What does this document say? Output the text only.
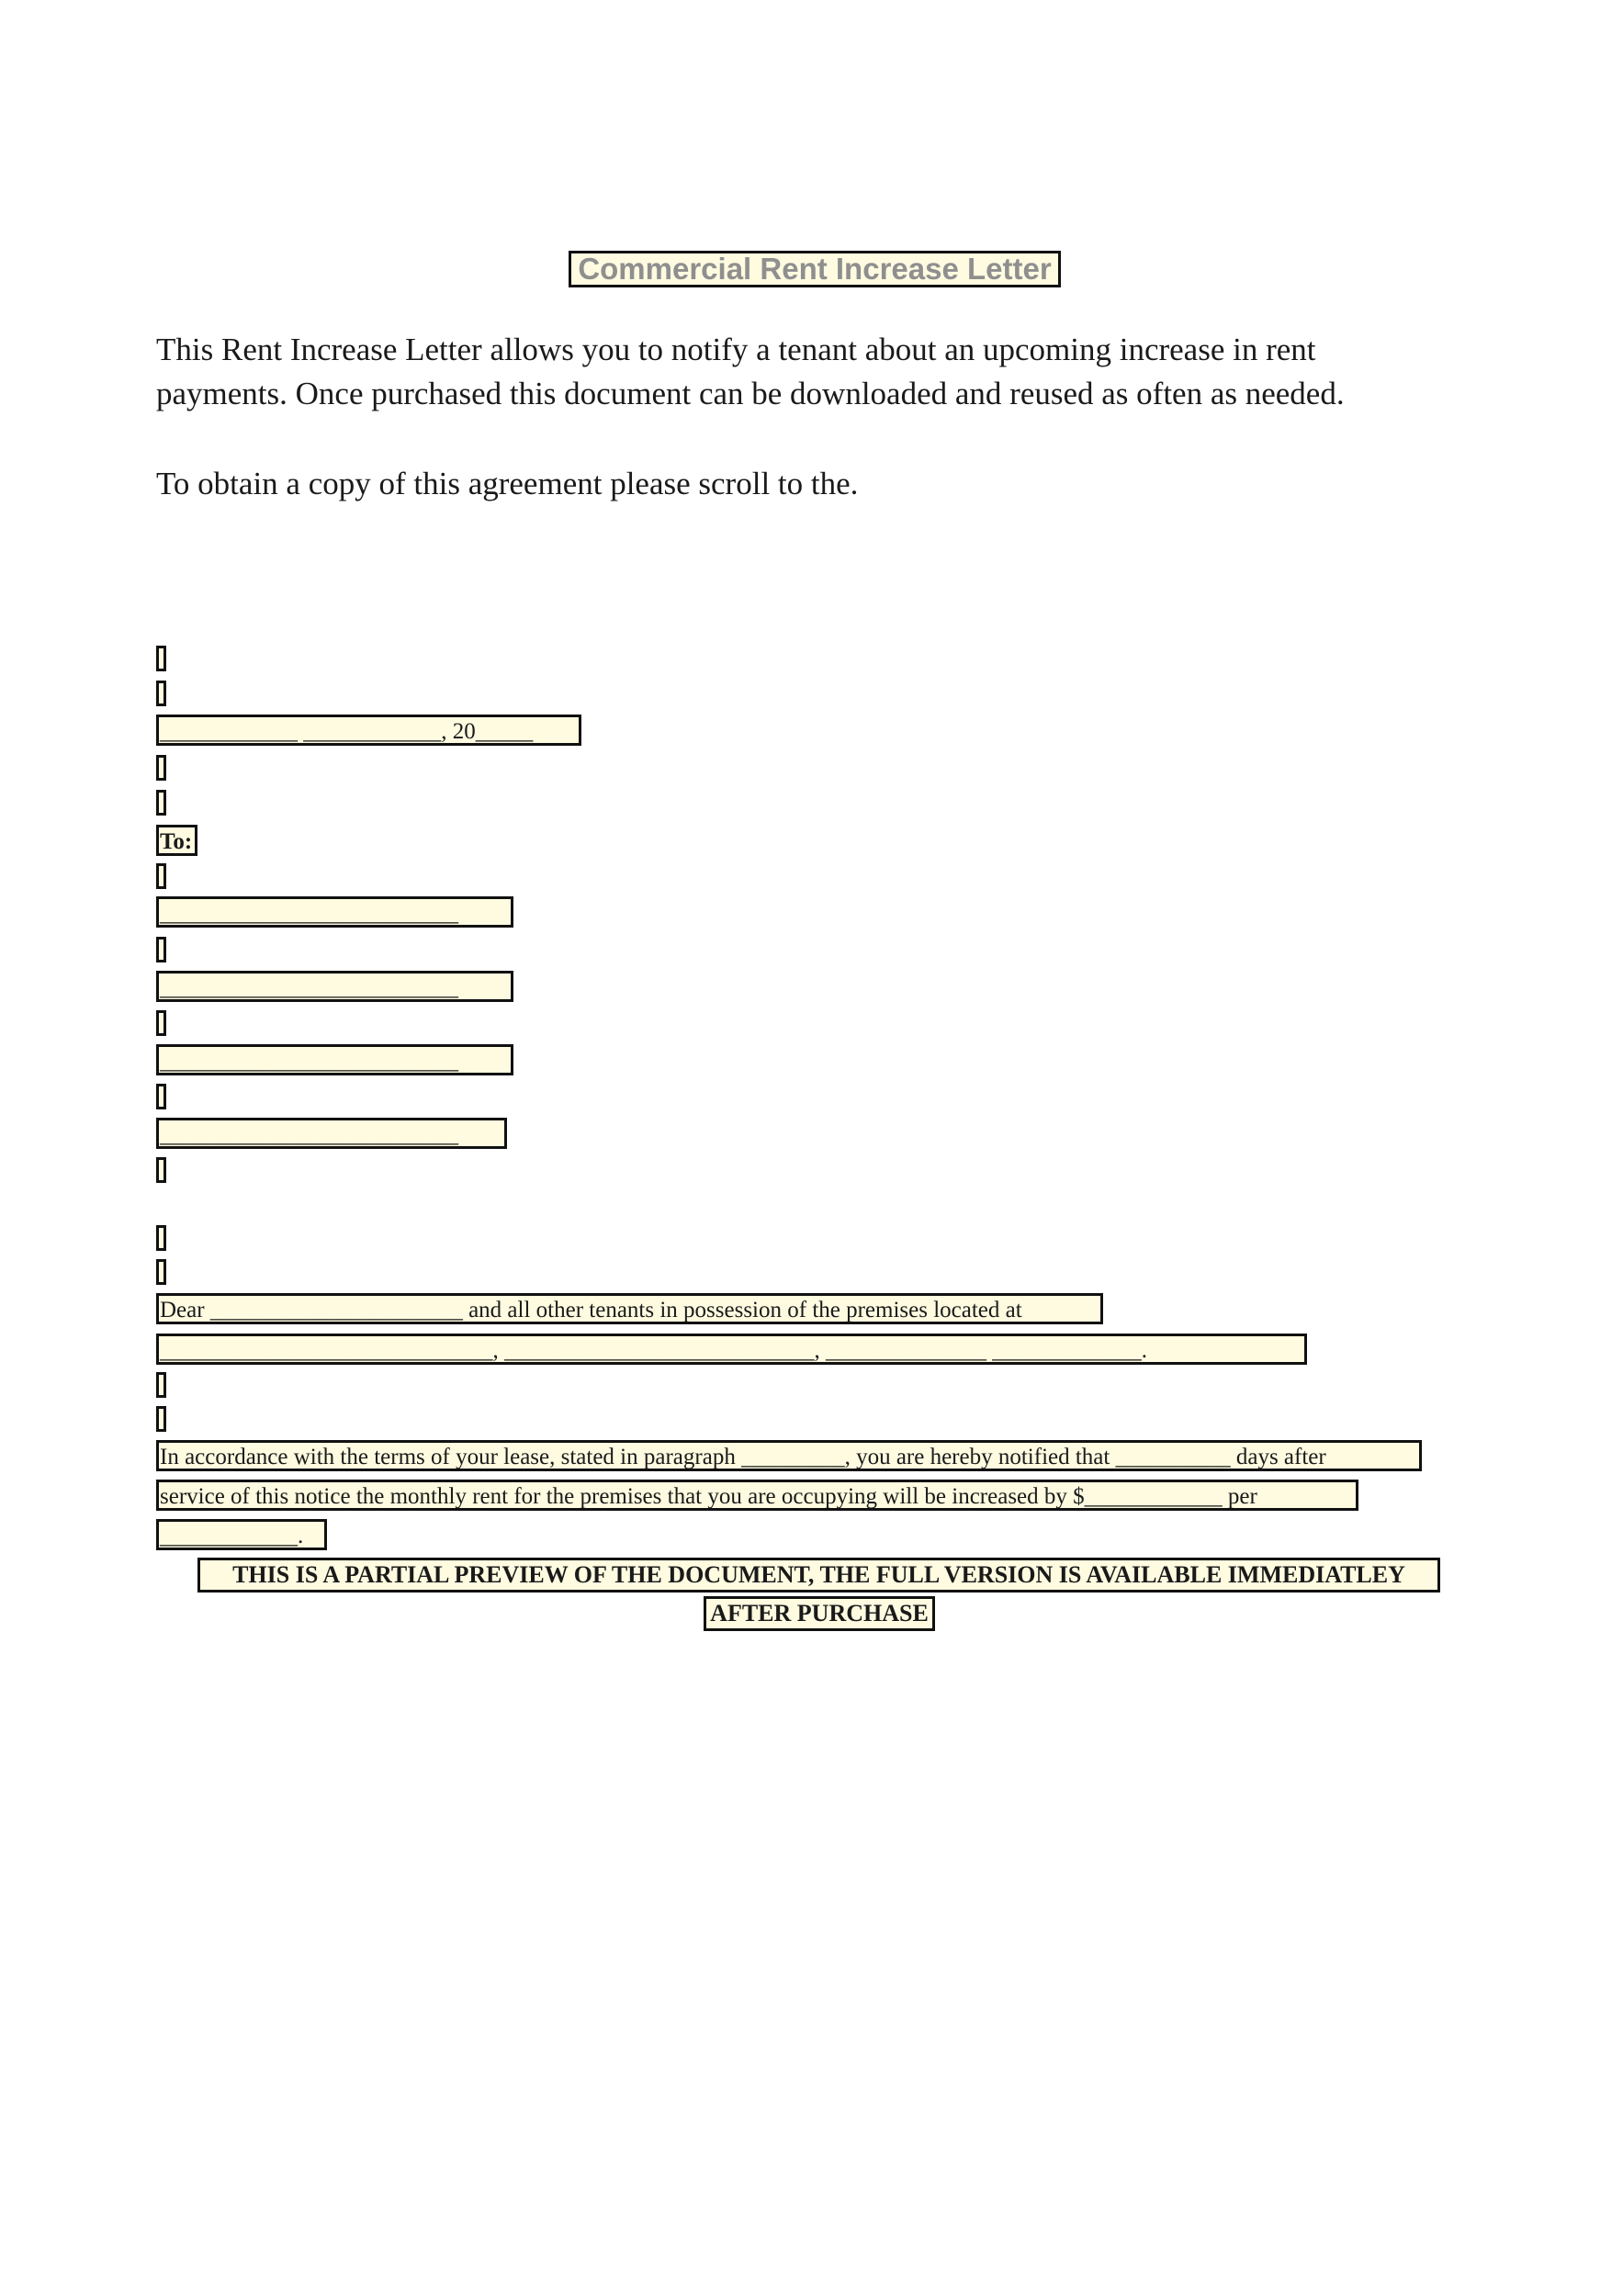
Commercial Rent Increase Letter
This Rent Increase Letter allows you to notify a tenant about an upcoming increase in rent
payments. Once purchased this document can be downloaded and reused as often as needed.
To obtain a copy of this agreement please scroll to the.
____________ ____________, 20_____
To:
__________________________
__________________________
__________________________
__________________________
Dear ______________________ and all other tenants in possession of the premises located at
_____________________________, ___________________________, ______________ _____________.
In accordance with the terms of your lease, stated in paragraph _________, you are hereby notified that __________ days after
service of this notice the monthly rent for the premises that you are occupying will be increased by $____________ per
____________.
THIS IS A PARTIAL PREVIEW OF THE DOCUMENT, THE FULL VERSION IS AVAILABLE IMMEDIATLEY
AFTER PURCHASE
